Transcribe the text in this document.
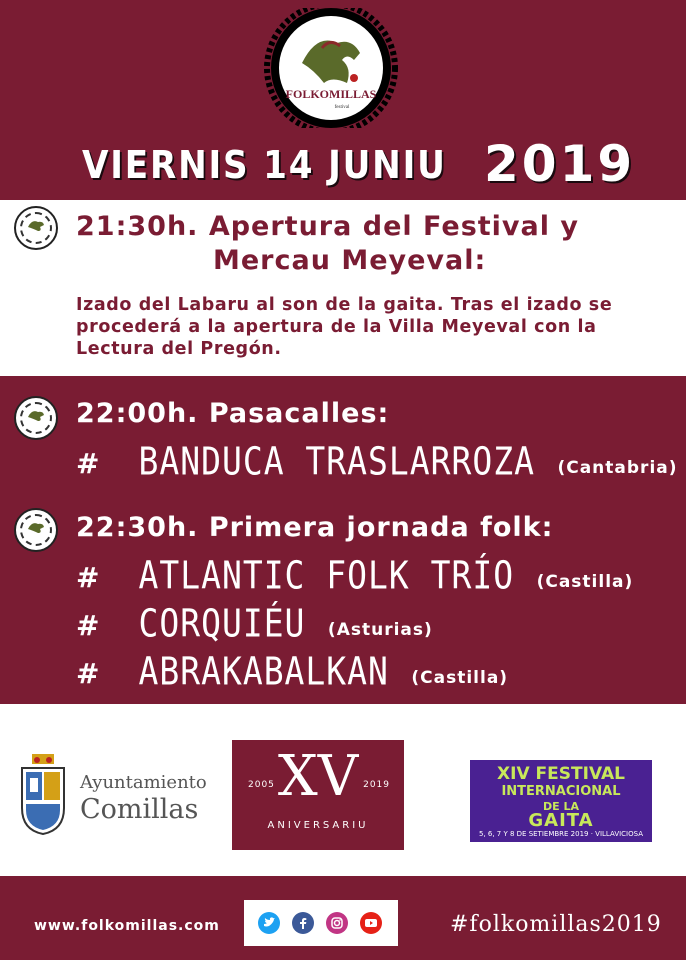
FOLKOMILLAS
festival
VIERNIS 14 JUNIU 2019
21:30h. Apertura del Festival y
Mercau Meyeval:
Izado del Labaru al son de la gaita. Tras el izado se procederá a la apertura de la Villa Meyeval con la Lectura del Pregón.
22:00h. Pasacalles:
# BANDUCA TRASLARROZA (Cantabria)
22:30h. Primera jornada folk:
# ATLANTIC FOLK TRÍO (Castilla)
# CORQUIÉU (Asturias)
# ABRAKABALKAN (Castilla)
Ayuntamiento
Comillas
XV
2005	2019
ANIVERSARIU
XIV FESTIVAL
INTERNACIONAL
DE LA
GAITA
5, 6, 7 Y 8 DE SETIEMBRE 2019 · VILLAVICIOSA
www.folkomillas.com	#folkomillas2019
